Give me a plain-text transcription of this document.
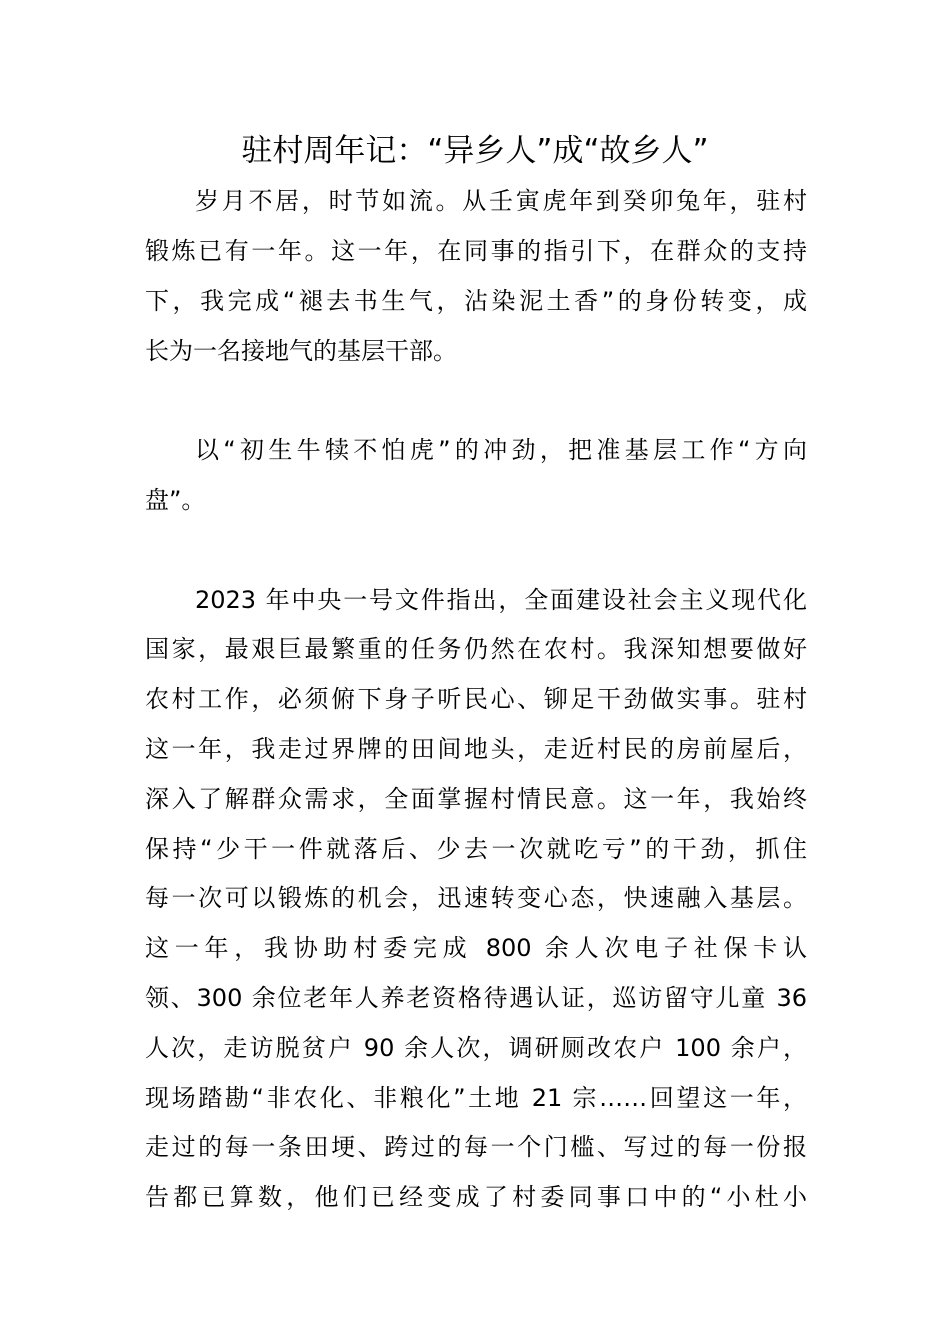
驻村周年记：“异乡人”成“故乡人”

岁月不居，时节如流。从壬寅虎年到癸卯兔年，驻村

锻炼已有一年。这一年，在同事的指引下，在群众的支持

下，我完成“褪去书生气，沾染泥土香”的身份转变，成

长为一名接地气的基层干部。

以“初生牛犊不怕虎”的冲劲，把准基层工作“方向

盘”。

2023 年中央一号文件指出，全面建设社会主义现代化

国家，最艰巨最繁重的任务仍然在农村。我深知想要做好

农村工作，必须俯下身子听民心、铆足干劲做实事。驻村

这一年，我走过界牌的田间地头，走近村民的房前屋后，

深入了解群众需求，全面掌握村情民意。这一年，我始终

保持“少干一件就落后、少去一次就吃亏”的干劲，抓住

每一次可以锻炼的机会，迅速转变心态，快速融入基层。

这一年，我协助村委完成 800 余人次电子社保卡认

领、300 余位老年人养老资格待遇认证，巡访留守儿童 36

人次，走访脱贫户 90 余人次，调研厕改农户 100 余户，

现场踏勘“非农化、非粮化”土地 21 宗……回望这一年，

走过的每一条田埂、跨过的每一个门槛、写过的每一份报

告都已算数，他们已经变成了村委同事口中的“小杜小
